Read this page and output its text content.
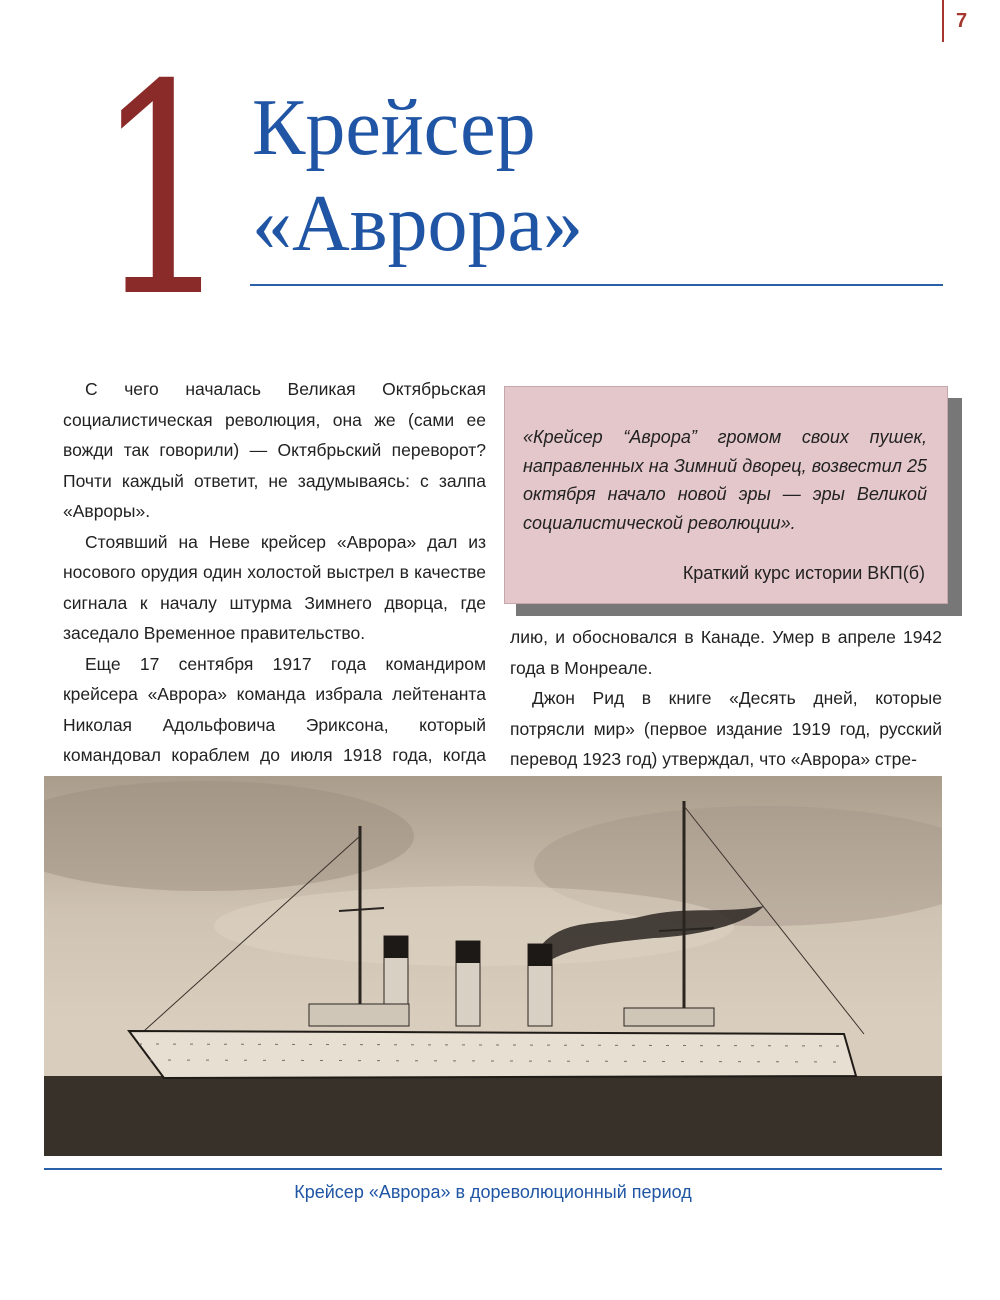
7
1 Крейсер
«Аврора»

С чего началась Великая Октябрьская социалистическая революция, она же (сами ее вожди так говорили) — Октябрьский переворот? Почти каждый ответит, не задумываясь: с залпа «Авроры».

Стоявший на Неве крейсер «Аврора» дал из носового орудия один холостой выстрел в качестве сигнала к началу штурма Зимнего дворца, где заседало Временное правительство.

Еще 17 сентября 1917 года командиром крейсера «Аврора» команда избрала лейтенанта Николая Адольфовича Эриксона, который командовал кораблем до июля 1918 года, когда

«Крейсер “Аврора” громом своих пушек, направленных на Зимний дворец, возвестил 25 октября начало новой эры — эры Великой социалистической революции».
Краткий курс истории ВКП(б)

лию, и обосновался в Канаде. Умер в апреле 1942 года в Монреале.

Джон Рид в книге «Десять дней, которые потрясли мир» (первое издание 1919 год, русский перевод 1923 год) утверждал, что «Аврора» стре-

Крейсер «Аврора» в дореволюционный период
